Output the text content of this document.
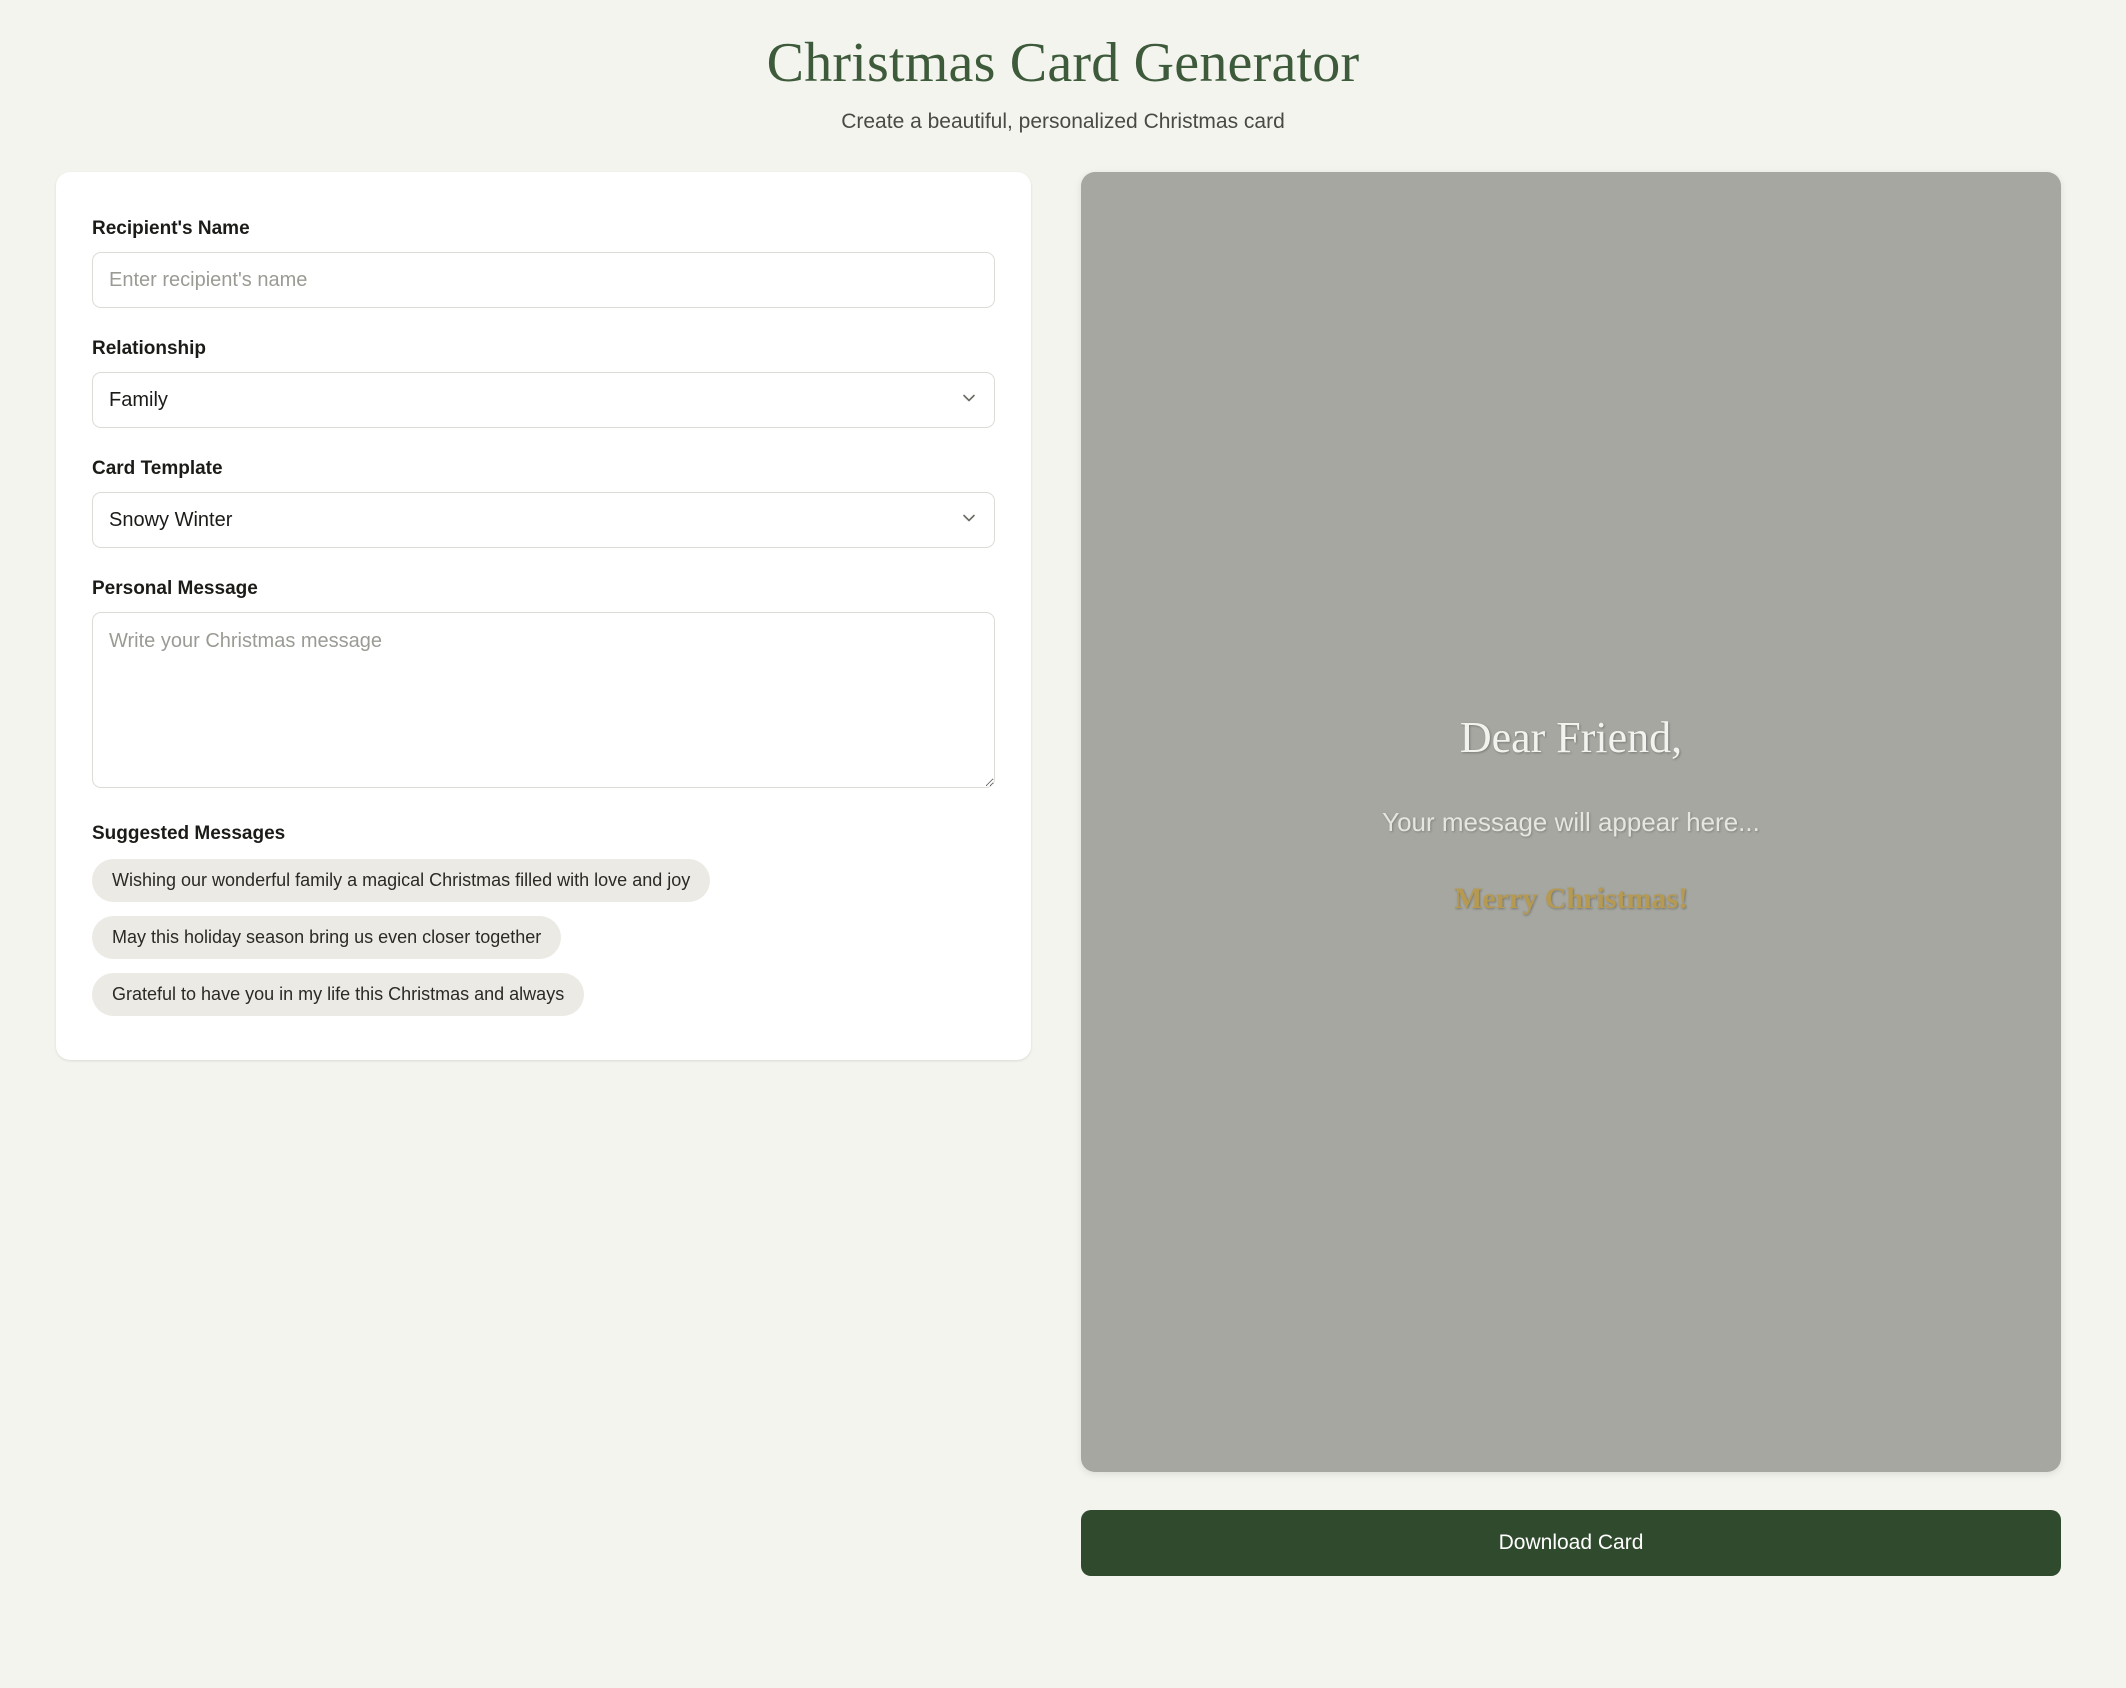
Christmas Card Generator

Create a beautiful, personalized Christmas card

Recipient's Name
Enter recipient's name
Relationship
Family
Card Template
Snowy Winter
Personal Message
Write your Christmas message
Suggested Messages
Wishing our wonderful family a magical Christmas filled with love and joy
May this holiday season bring us even closer together
Grateful to have you in my life this Christmas and always

Dear Friend,

Your message will appear here...

Merry Christmas!

Download Card
